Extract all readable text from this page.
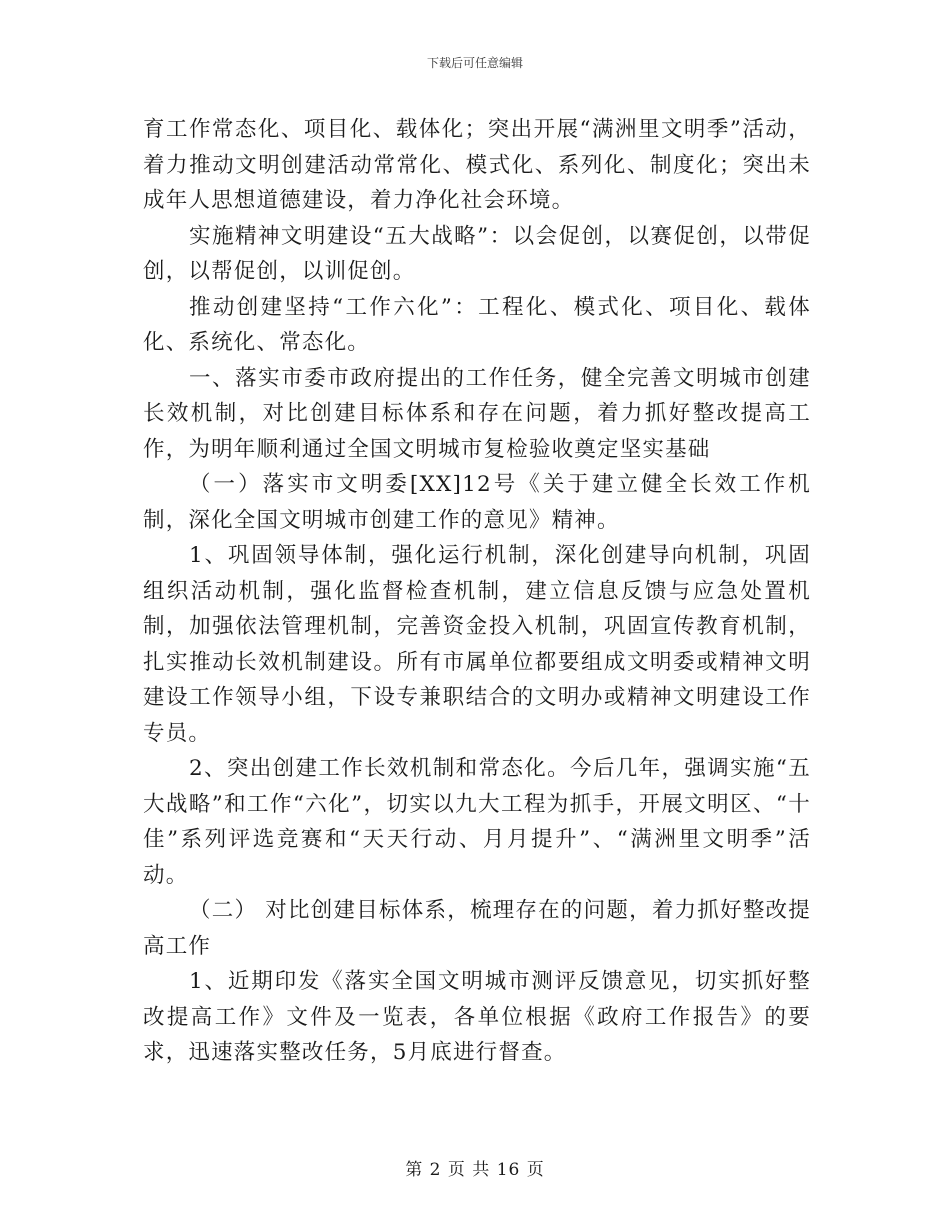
下载后可任意编辑

育工作常态化、项目化、载体化；突出开展“满洲里文明季”活动，着力推动文明创建活动常常化、模式化、系列化、制度化；突出未成年人思想道德建设，着力净化社会环境。

实施精神文明建设“五大战略”：以会促创，以赛促创，以带促创，以帮促创，以训促创。

推动创建坚持“工作六化”：工程化、模式化、项目化、载体化、系统化、常态化。

一、落实市委市政府提出的工作任务，健全完善文明城市创建长效机制，对比创建目标体系和存在问题，着力抓好整改提高工作，为明年顺利通过全国文明城市复检验收奠定坚实基础

（一）落实市文明委[XX]12号《关于建立健全长效工作机制，深化全国文明城市创建工作的意见》精神。

1、巩固领导体制，强化运行机制，深化创建导向机制，巩固组织活动机制，强化监督检查机制，建立信息反馈与应急处置机制，加强依法管理机制，完善资金投入机制，巩固宣传教育机制，扎实推动长效机制建设。所有市属单位都要组成文明委或精神文明建设工作领导小组，下设专兼职结合的文明办或精神文明建设工作专员。

2、突出创建工作长效机制和常态化。今后几年，强调实施“五大战略”和工作“六化”，切实以九大工程为抓手，开展文明区、“十佳”系列评选竞赛和“天天行动、月月提升”、“满洲里文明季”活动。

（二） 对比创建目标体系，梳理存在的问题，着力抓好整改提高工作

1、近期印发《落实全国文明城市测评反馈意见，切实抓好整改提高工作》文件及一览表，各单位根据《政府工作报告》的要求，迅速落实整改任务，5月底进行督查。

第 2 页 共 16 页
